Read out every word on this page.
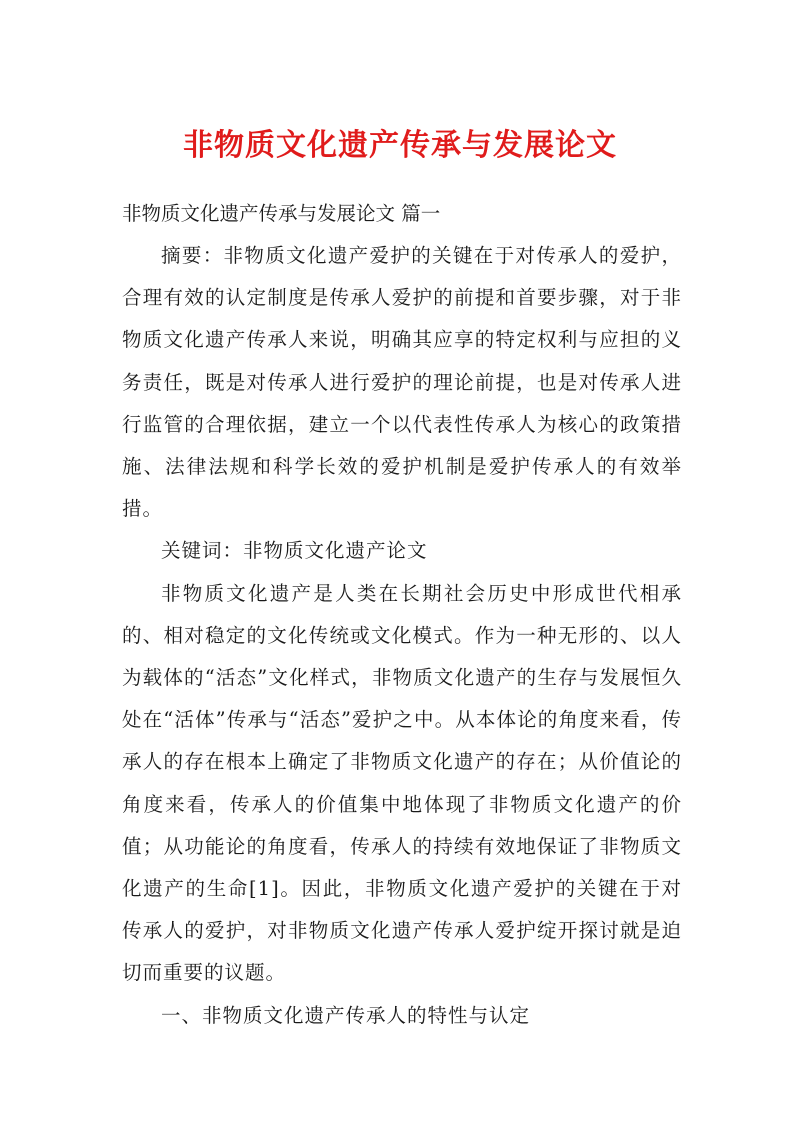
非物质文化遗产传承与发展论文

非物质文化遗产传承与发展论文 篇一

摘要：非物质文化遗产爱护的关键在于对传承人的爱护，合理有效的认定制度是传承人爱护的前提和首要步骤，对于非物质文化遗产传承人来说，明确其应享的特定权利与应担的义务责任，既是对传承人进行爱护的理论前提，也是对传承人进行监管的合理依据，建立一个以代表性传承人为核心的政策措施、法律法规和科学长效的爱护机制是爱护传承人的有效举措。

关键词：非物质文化遗产论文

非物质文化遗产是人类在长期社会历史中形成世代相承的、相对稳定的文化传统或文化模式。作为一种无形的、以人为载体的“活态”文化样式，非物质文化遗产的生存与发展恒久处在“活体”传承与“活态”爱护之中。从本体论的角度来看，传承人的存在根本上确定了非物质文化遗产的存在；从价值论的角度来看，传承人的价值集中地体现了非物质文化遗产的价值；从功能论的角度看，传承人的持续有效地保证了非物质文化遗产的生命[1]。因此，非物质文化遗产爱护的关键在于对传承人的爱护，对非物质文化遗产传承人爱护绽开探讨就是迫切而重要的议题。

一、非物质文化遗产传承人的特性与认定
